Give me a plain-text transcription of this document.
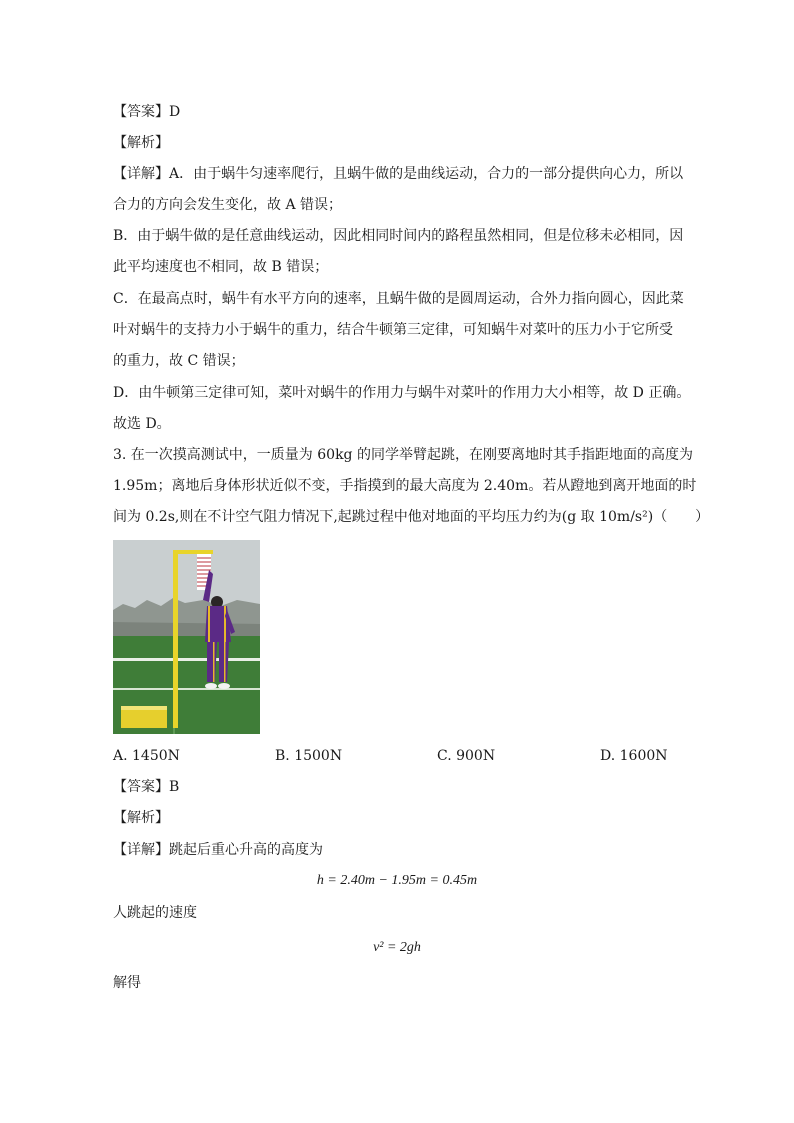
【答案】D
【解析】
【详解】A．由于蜗牛匀速率爬行，且蜗牛做的是曲线运动，合力的一部分提供向心力，所以
合力的方向会发生变化，故 A 错误；
B．由于蜗牛做的是任意曲线运动，因此相同时间内的路程虽然相同，但是位移未必相同，因
此平均速度也不相同，故 B 错误；
C．在最高点时，蜗牛有水平方向的速率，且蜗牛做的是圆周运动，合外力指向圆心，因此菜
叶对蜗牛的支持力小于蜗牛的重力，结合牛顿第三定律，可知蜗牛对菜叶的压力小于它所受
的重力，故 C 错误；
D．由牛顿第三定律可知，菜叶对蜗牛的作用力与蜗牛对菜叶的作用力大小相等，故 D 正确。
故选 D。
3. 在一次摸高测试中，一质量为 60kg 的同学举臂起跳，在刚要离地时其手指距地面的高度为
1.95m；离地后身体形状近似不变，手指摸到的最大高度为 2.40m。若从蹬地到离开地面的时
间为 0.2s,则在不计空气阻力情况下,起跳过程中他对地面的平均压力约为(g 取 10m/s²)（　　）
A. 1450N	B. 1500N	C. 900N	D. 1600N
【答案】B
【解析】
【详解】跳起后重心升高的高度为
h = 2.40m − 1.95m = 0.45m
人跳起的速度
v² = 2gh
解得
